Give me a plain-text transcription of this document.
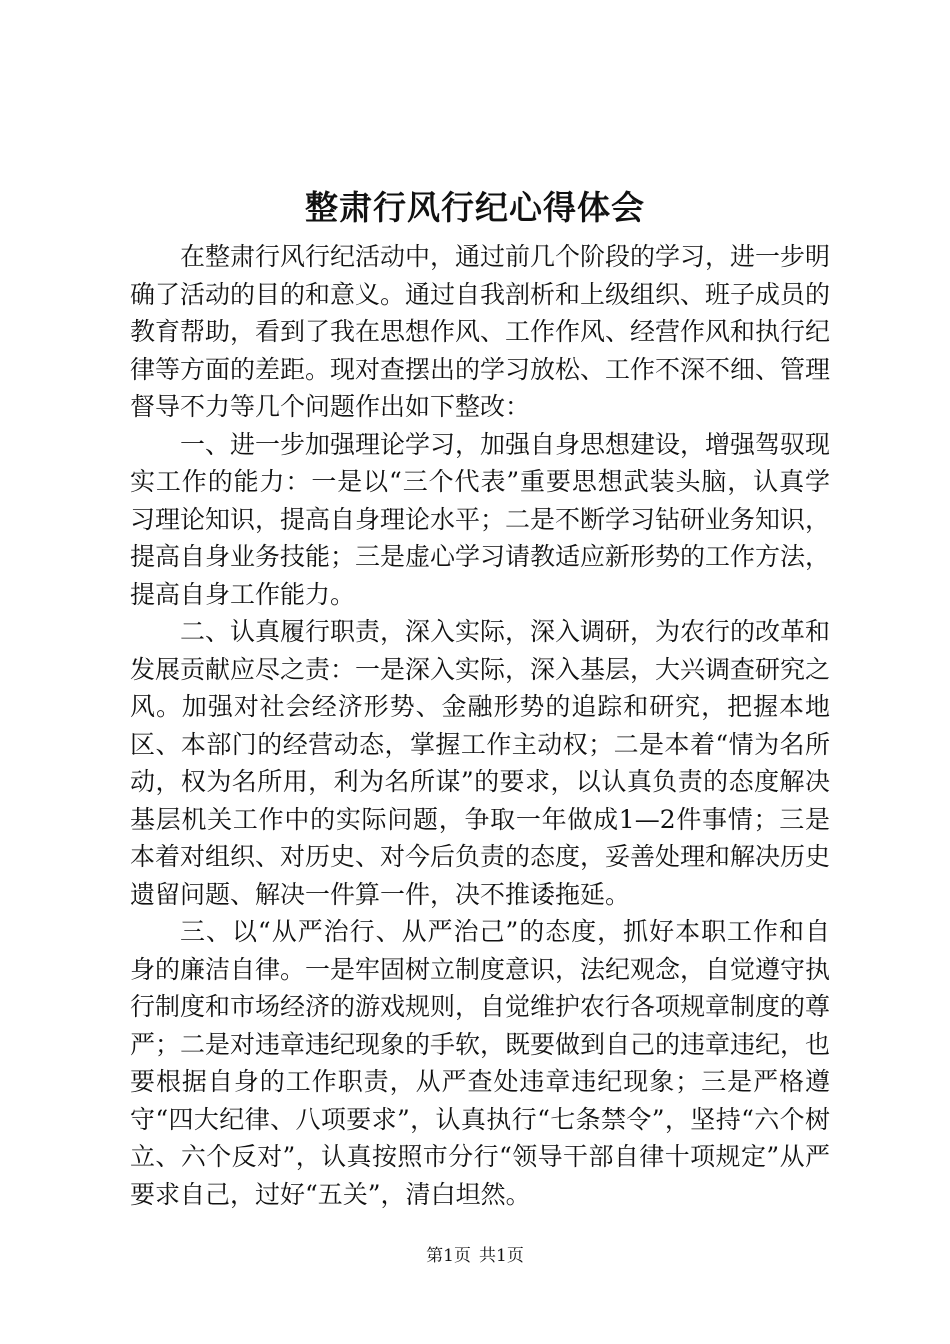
整肃行风行纪心得体会

在整肃行风行纪活动中，通过前几个阶段的学习，进一步明确了活动的目的和意义。通过自我剖析和上级组织、班子成员的教育帮助，看到了我在思想作风、工作作风、经营作风和执行纪律等方面的差距。现对查摆出的学习放松、工作不深不细、管理督导不力等几个问题作出如下整改：

一、进一步加强理论学习，加强自身思想建设，增强驾驭现实工作的能力：一是以“三个代表”重要思想武装头脑，认真学习理论知识，提高自身理论水平；二是不断学习钻研业务知识，提高自身业务技能；三是虚心学习请教适应新形势的工作方法，提高自身工作能力。

二、认真履行职责，深入实际，深入调研，为农行的改革和发展贡献应尽之责：一是深入实际，深入基层，大兴调查研究之风。加强对社会经济形势、金融形势的追踪和研究，把握本地区、本部门的经营动态，掌握工作主动权；二是本着“情为名所动，权为名所用，利为名所谋”的要求，以认真负责的态度解决基层机关工作中的实际问题，争取一年做成1—2件事情；三是本着对组织、对历史、对今后负责的态度，妥善处理和解决历史遗留问题、解决一件算一件，决不推诿拖延。

三、以“从严治行、从严治己”的态度，抓好本职工作和自身的廉洁自律。一是牢固树立制度意识，法纪观念，自觉遵守执行制度和市场经济的游戏规则，自觉维护农行各项规章制度的尊严；二是对违章违纪现象的手软，既要做到自己的违章违纪，也要根据自身的工作职责，从严查处违章违纪现象；三是严格遵守“四大纪律、八项要求”，认真执行“七条禁令”，坚持“六个树立、六个反对”，认真按照市分行“领导干部自律十项规定”从严要求自己，过好“五关”，清白坦然。

第1页 共1页
